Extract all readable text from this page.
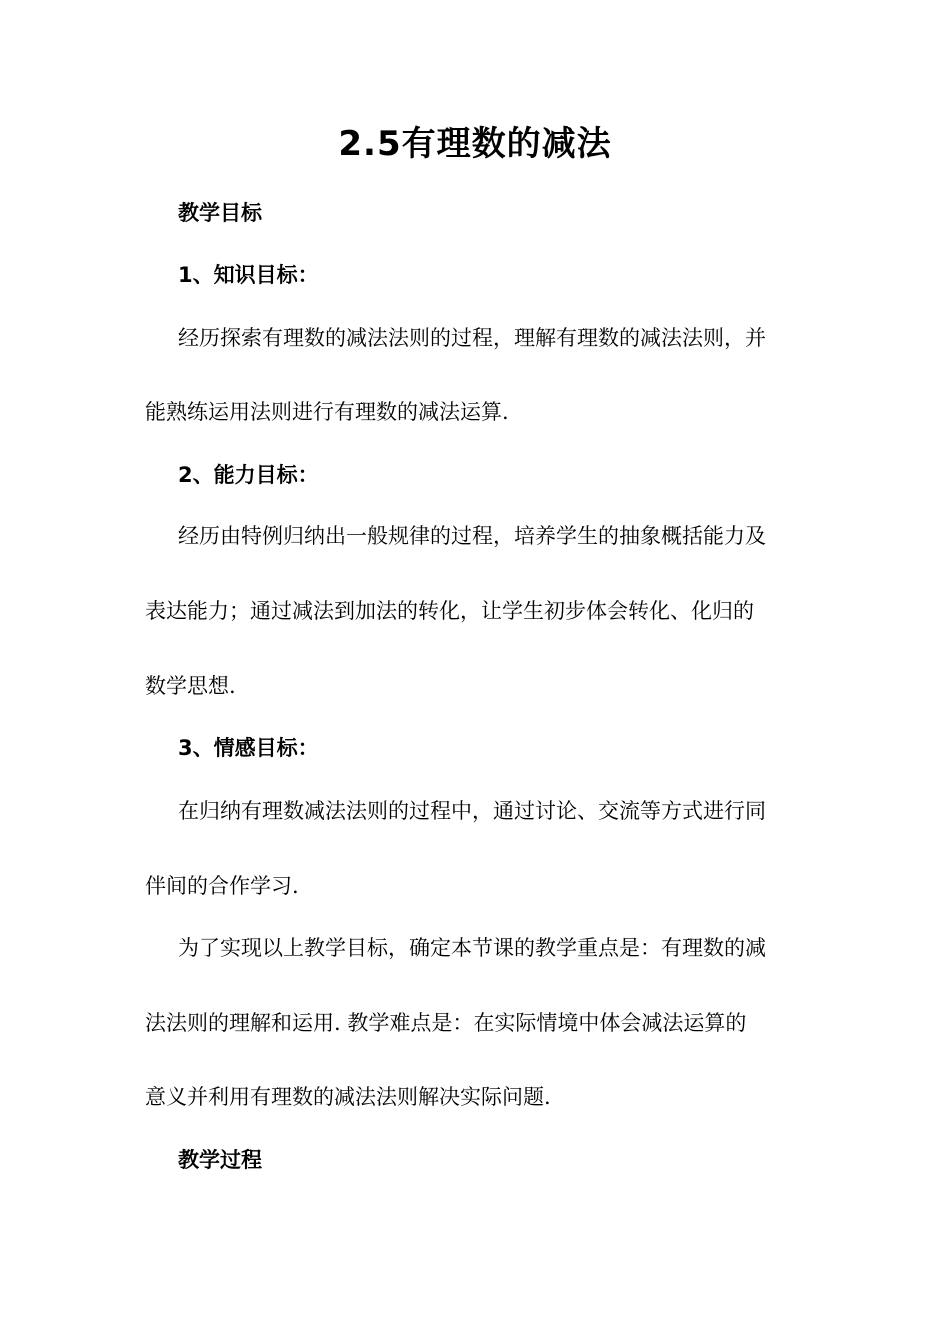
2.5有理数的减法
教学目标
1、知识目标：
经历探索有理数的减法法则的过程，理解有理数的减法法则，并
能熟练运用法则进行有理数的减法运算.
2、能力目标：
经历由特例归纳出一般规律的过程，培养学生的抽象概括能力及
表达能力；通过减法到加法的转化，让学生初步体会转化、化归的
数学思想.
3、情感目标：
在归纳有理数减法法则的过程中，通过讨论、交流等方式进行同
伴间的合作学习.
为了实现以上教学目标，确定本节课的教学重点是：有理数的减
法法则的理解和运用. 教学难点是：在实际情境中体会减法运算的
意义并利用有理数的减法法则解决实际问题.
教学过程
